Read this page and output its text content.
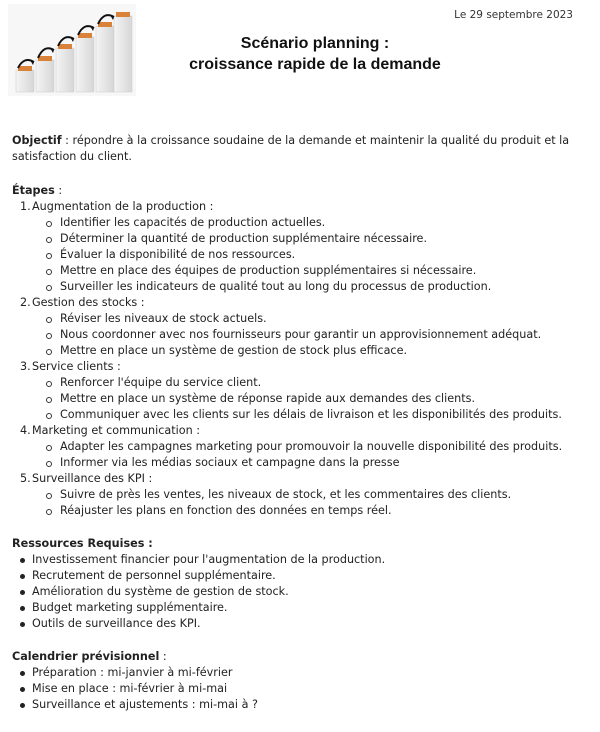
Le 29 septembre 2023
Scénario planning :
croissance rapide de la demande

Objectif : répondre à la croissance soudaine de la demande et maintenir la qualité du produit et la satisfaction du client.

Étapes :
1. Augmentation de la production :
Identifier les capacités de production actuelles.
Déterminer la quantité de production supplémentaire nécessaire.
Évaluer la disponibilité de nos ressources.
Mettre en place des équipes de production supplémentaires si nécessaire.
Surveiller les indicateurs de qualité tout au long du processus de production.
2. Gestion des stocks :
Réviser les niveaux de stock actuels.
Nous coordonner avec nos fournisseurs pour garantir un approvisionnement adéquat.
Mettre en place un système de gestion de stock plus efficace.
3. Service clients :
Renforcer l'équipe du service client.
Mettre en place un système de réponse rapide aux demandes des clients.
Communiquer avec les clients sur les délais de livraison et les disponibilités des produits.
4. Marketing et communication :
Adapter les campagnes marketing pour promouvoir la nouvelle disponibilité des produits.
Informer via les médias sociaux et campagne dans la presse
5. Surveillance des KPI :
Suivre de près les ventes, les niveaux de stock, et les commentaires des clients.
Réajuster les plans en fonction des données en temps réel.
Ressources Requises :
Investissement financier pour l'augmentation de la production.
Recrutement de personnel supplémentaire.
Amélioration du système de gestion de stock.
Budget marketing supplémentaire.
Outils de surveillance des KPI.
Calendrier prévisionnel :
Préparation : mi-janvier à mi-février
Mise en place : mi-février à mi-mai
Surveillance et ajustements : mi-mai à ?
